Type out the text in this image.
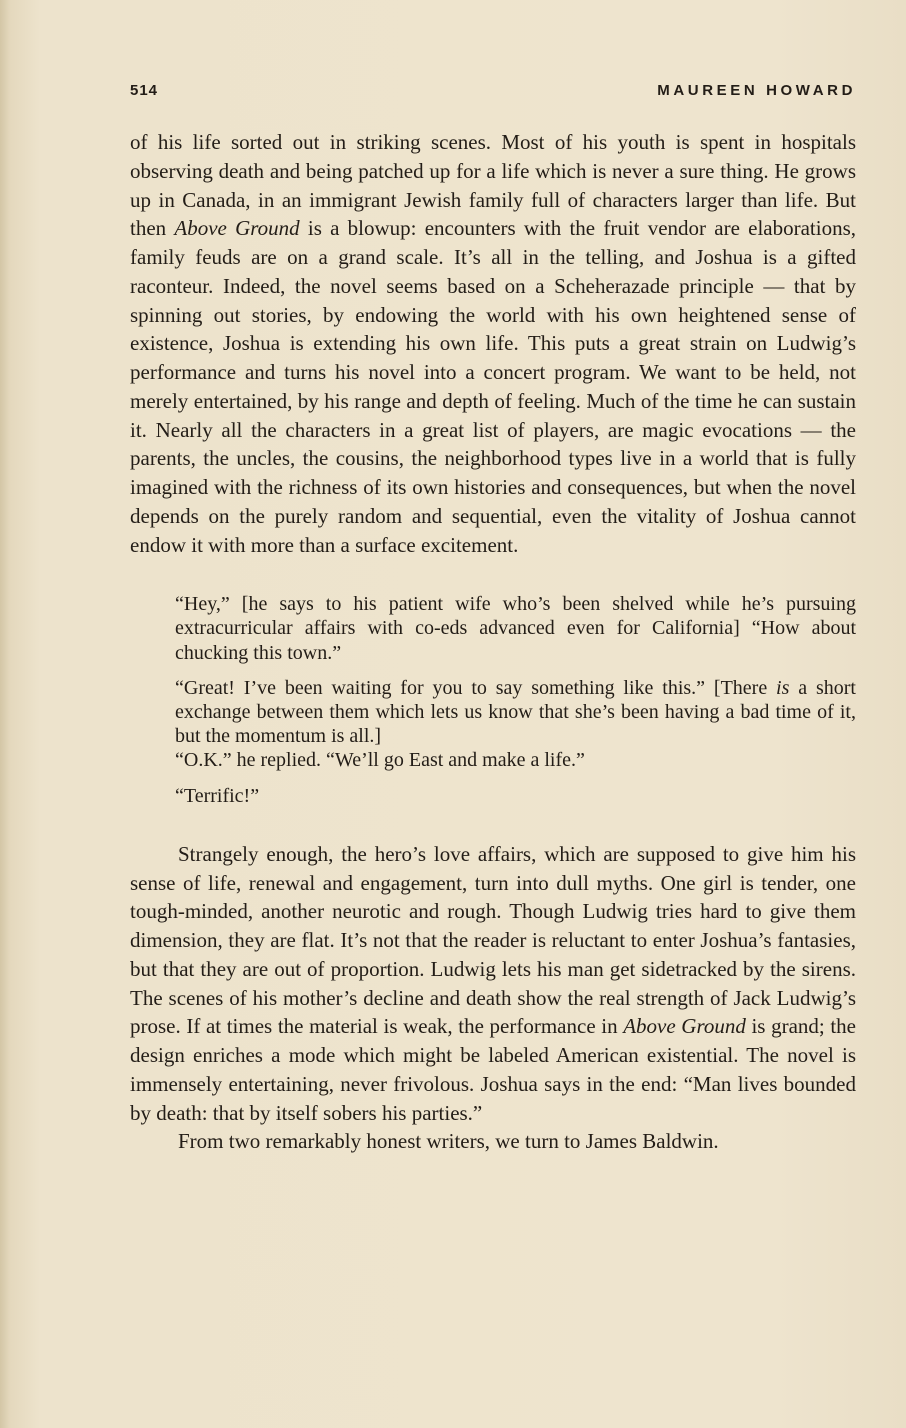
514	MAUREEN HOWARD

of his life sorted out in striking scenes. Most of his youth is spent in hospitals observing death and being patched up for a life which is never a sure thing. He grows up in Canada, in an immigrant Jewish family full of characters larger than life. But then Above Ground is a blowup: encounters with the fruit vendor are elaborations, family feuds are on a grand scale. It’s all in the telling, and Joshua is a gifted raconteur. Indeed, the novel seems based on a Scheherazade principle — that by spinning out stories, by endowing the world with his own heightened sense of existence, Joshua is extending his own life. This puts a great strain on Ludwig’s performance and turns his novel into a concert program. We want to be held, not merely entertained, by his range and depth of feeling. Much of the time he can sustain it. Nearly all the characters in a great list of players, are magic evocations — the parents, the uncles, the cousins, the neighborhood types live in a world that is fully imagined with the richness of its own histories and consequences, but when the novel depends on the purely random and sequential, even the vitality of Joshua cannot endow it with more than a surface excitement.

“Hey,” [he says to his patient wife who’s been shelved while he’s pursuing extracurricular affairs with co-eds advanced even for California] “How about chucking this town.”

“Great! I’ve been waiting for you to say something like this.” [There is a short exchange between them which lets us know that she’s been having a bad time of it, but the momentum is all.]

“O.K.” he replied. “We’ll go East and make a life.”

“Terrific!”

Strangely enough, the hero’s love affairs, which are supposed to give him his sense of life, renewal and engagement, turn into dull myths. One girl is tender, one tough-minded, another neurotic and rough. Though Ludwig tries hard to give them dimension, they are flat. It’s not that the reader is reluctant to enter Joshua’s fantasies, but that they are out of proportion. Ludwig lets his man get sidetracked by the sirens. The scenes of his mother’s decline and death show the real strength of Jack Ludwig’s prose. If at times the material is weak, the performance in Above Ground is grand; the design enriches a mode which might be labeled American existential. The novel is immensely entertaining, never frivolous. Joshua says in the end: “Man lives bounded by death: that by itself sobers his parties.”

From two remarkably honest writers, we turn to James Baldwin.
